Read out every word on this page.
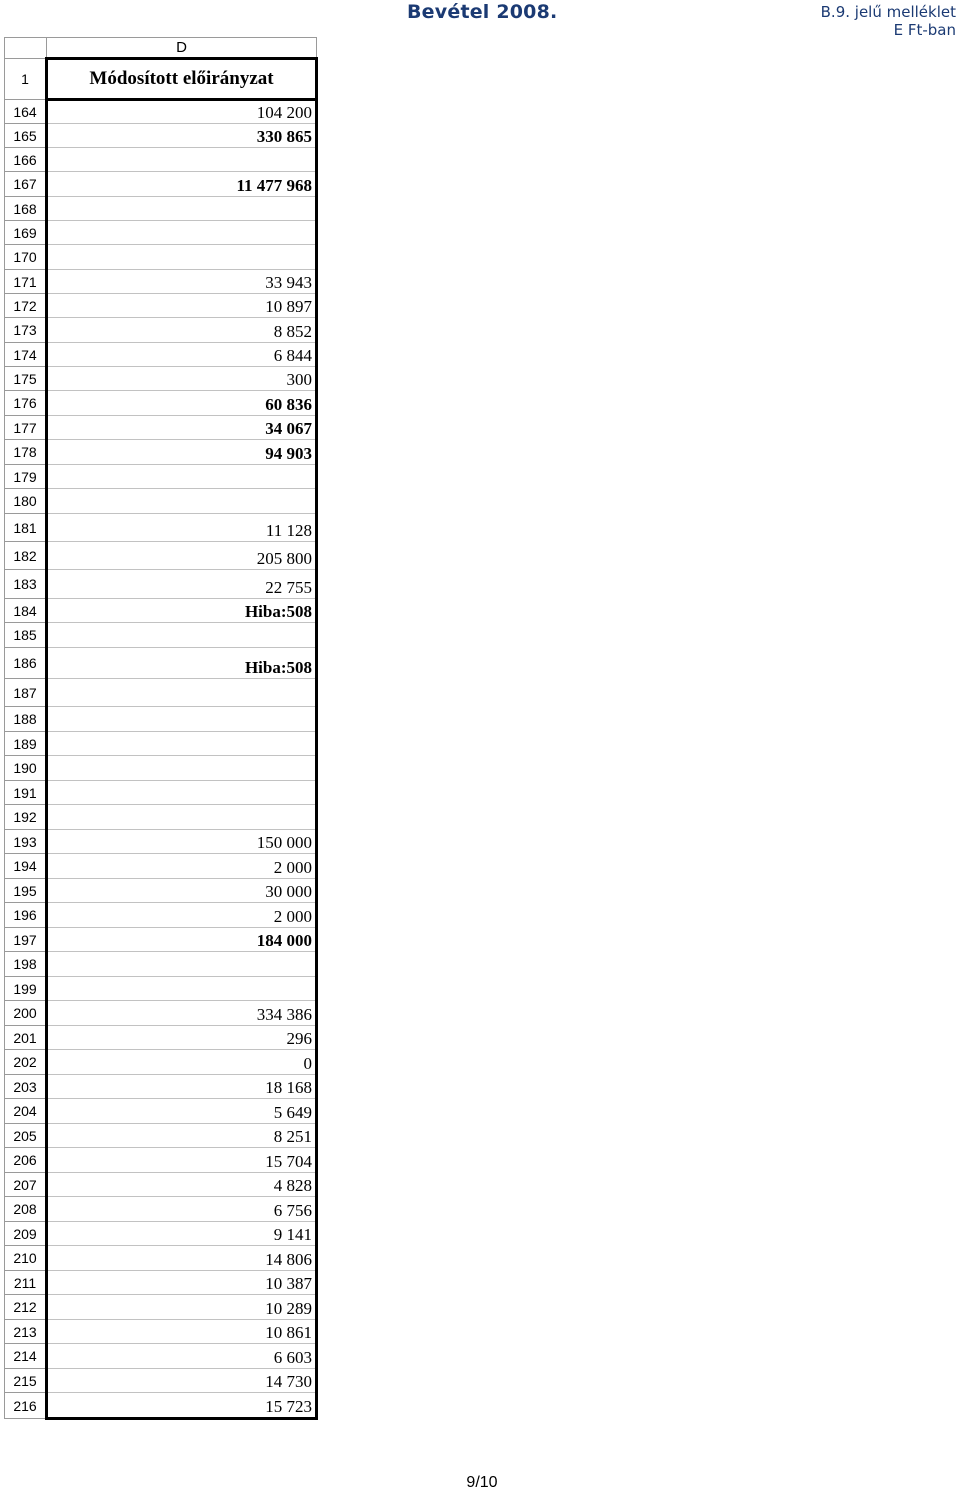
Bevétel 2008.	B.9. jelű melléklet
E Ft-ban
	D
1	Módosított előirányzat
164	104 200
165	330 865
166	
167	11 477 968
168	
169	
170	
171	33 943
172	10 897
173	8 852
174	6 844
175	300
176	60 836
177	34 067
178	94 903
179	
180	
181	11 128
182	205 800
183	22 755
184	Hiba:508
185	
186	Hiba:508
187	
188	
189	
190	
191	
192	
193	150 000
194	2 000
195	30 000
196	2 000
197	184 000
198	
199	
200	334 386
201	296
202	0
203	18 168
204	5 649
205	8 251
206	15 704
207	4 828
208	6 756
209	9 141
210	14 806
211	10 387
212	10 289
213	10 861
214	6 603
215	14 730
216	15 723
9/10
